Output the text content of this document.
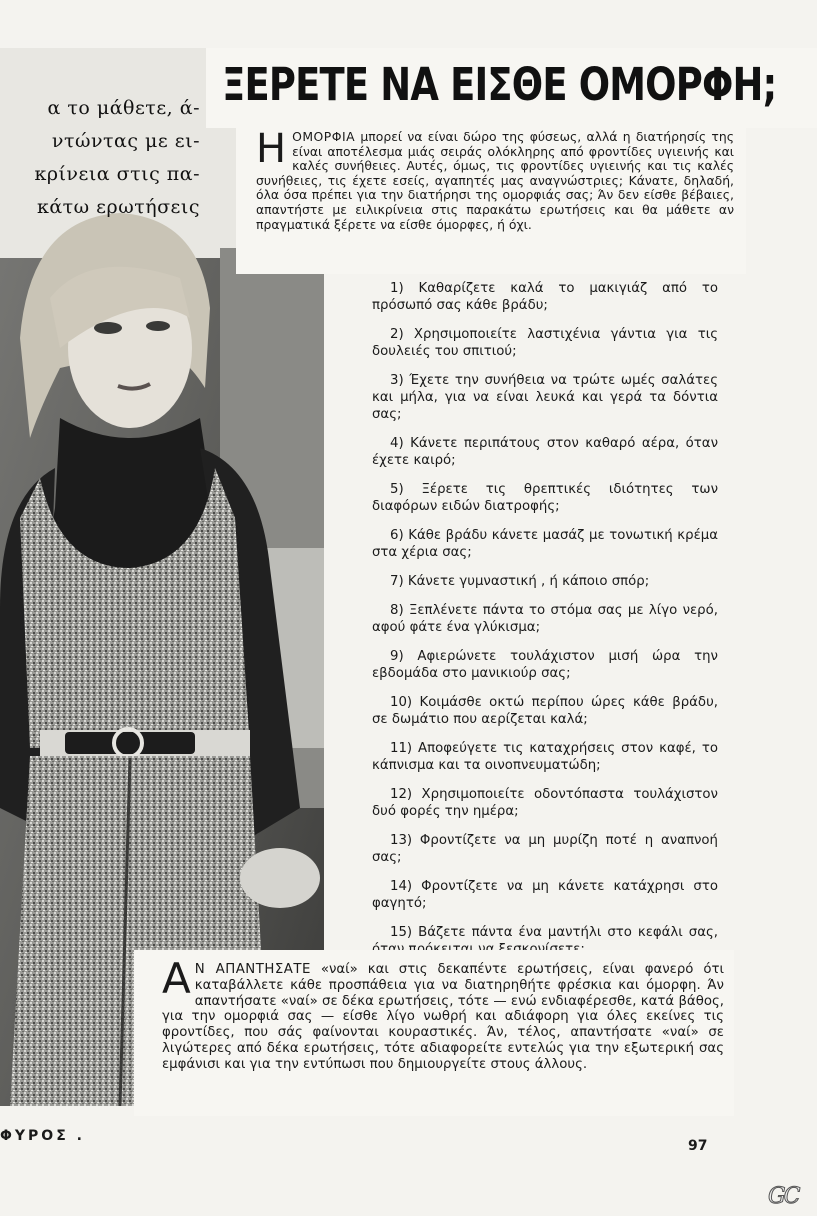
α το μάθετε, ά-
ντώντας με ει-
κρίνεια στις πα-
κάτω ερωτήσεις
ΞΕΡΕΤΕ ΝΑ ΕΙΣΘΕ ΟΜΟΡΦΗ;
Η ΟΜΟΡΦΙΑ μπορεί να είναι δώρο της φύσεως, αλλά η διατήρησίς της είναι αποτέλεσμα μιάς σειράς ολόκληρης από φροντίδες υγιεινής και καλές συνήθειες. Αυτές, όμως, τις φροντίδες υγιεινής και τις καλές συνήθειες, τις έχετε εσείς, αγαπητές μας αναγνώστριες; Κάνατε, δηλαδή, όλα όσα πρέπει για την διατήρησι της ομορφιάς σας; Άν δεν είσθε βέβαιες, απαντήστε με ειλικρίνεια στις παρακάτω ερωτήσεις και θα μάθετε αν πραγματικά ξέρετε να είσθε όμορφες, ή όχι.
1) Καθαρίζετε καλά το μακιγιάζ από το πρόσωπό σας κάθε βράδυ;
2) Χρησιμοποιείτε λαστιχένια γάντια για τις δουλειές του σπιτιού;
3) Έχετε την συνήθεια να τρώτε ωμές σαλάτες και μήλα, για να είναι λευκά και γερά τα δόντια σας;
4) Κάνετε περιπάτους στον καθαρό αέρα, όταν έχετε καιρό;
5) Ξέρετε τις θρεπτικές ιδιότητες των διαφόρων ειδών διατροφής;
6) Κάθε βράδυ κάνετε μασάζ με τονωτική κρέμα στα χέρια σας;
7) Κάνετε γυμναστική , ή κάποιο σπόρ;
8) Ξεπλένετε πάντα το στόμα σας με λίγο νερό, αφού φάτε ένα γλύκισμα;
9) Αφιερώνετε τουλάχιστον μισή ώρα την εβδομάδα στο μανικιούρ σας;
10) Κοιμάσθε οκτώ περίπου ώρες κάθε βράδυ, σε δωμάτιο που αερίζεται καλά;
11) Αποφεύγετε τις καταχρήσεις στον καφέ, το κάπνισμα και τα οινοπνευματώδη;
12) Χρησιμοποιείτε οδοντόπαστα τουλάχιστον δυό φορές την ημέρα;
13) Φροντίζετε να μη μυρίζη ποτέ η αναπνοή σας;
14) Φροντίζετε να μη κάνετε κατάχρησι στο φαγητό;
15) Βάζετε πάντα ένα μαντήλι στο κεφάλι σας,
Α Ν ΑΠΑΝΤΗΣΑΤΕ «ναί» και στις δεκαπέντε ερωτήσεις, είναι φανερό ότι καταβάλλετε κάθε προσπάθεια για να διατηρηθήτε φρέσκια και όμορφη. Άν απαντήσατε «ναί» σε δέκα ερωτήσεις, τότε — ενώ ενδιαφέρεσθε, κατά βάθος, για την ομορφιά σας — είσθε λίγο νωθρή και αδιάφορη για όλες εκείνες τις φροντίδες, που σάς φαίνονται κουραστικές. Άν, τέλος, απαντήσατε «ναί» σε λιγώτερες από δέκα ερωτήσεις, τότε αδιαφορείτε εντελώς για την εξωτερική σας εμφάνισι και για την εντύπωσι που δημιουργείτε στους άλλους.
ΦΥΡΟΣ .
97
GC
